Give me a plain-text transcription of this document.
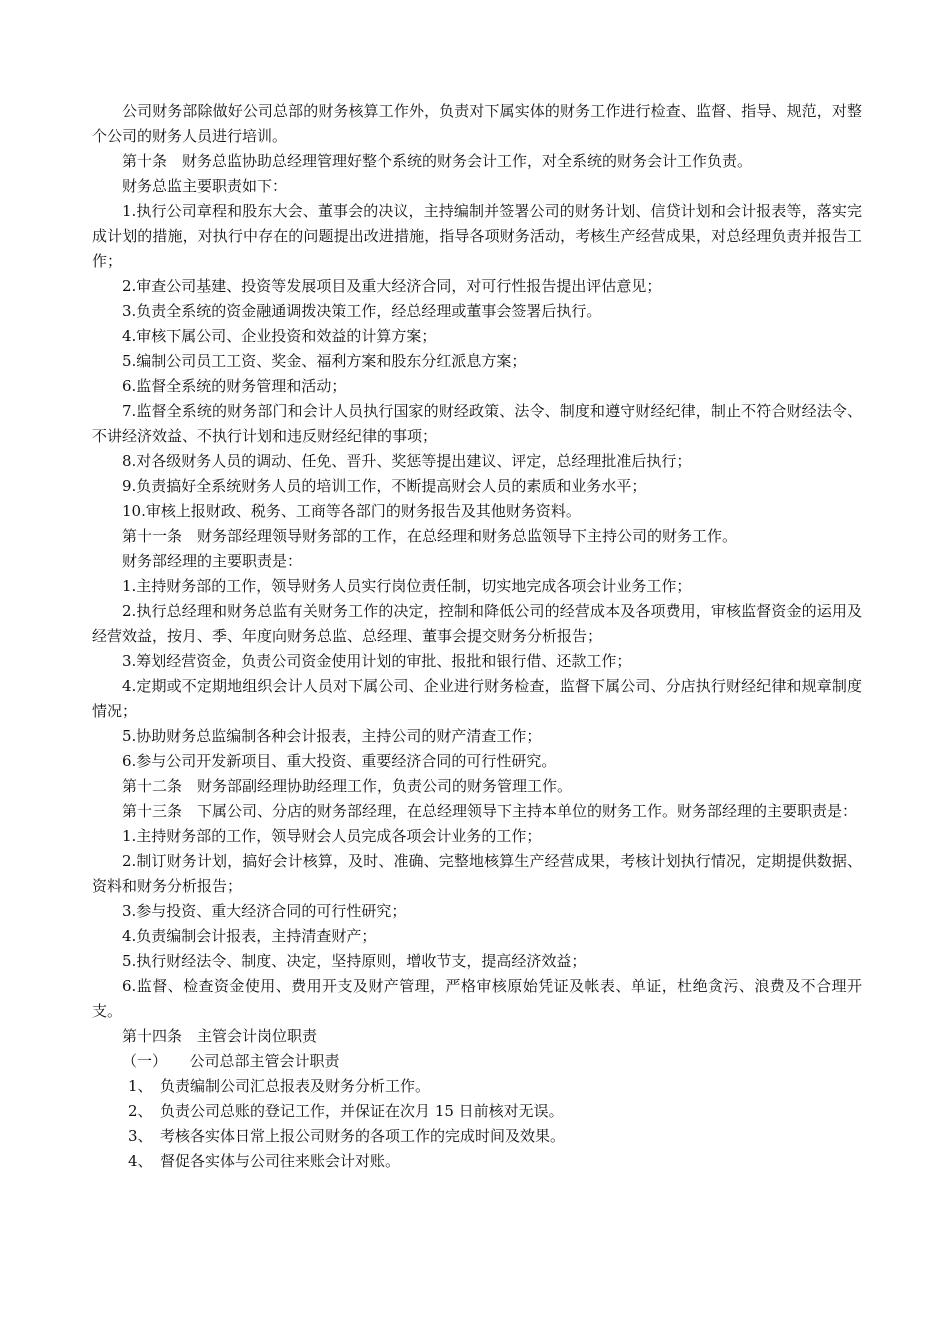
公司财务部除做好公司总部的财务核算工作外，负责对下属实体的财务工作进行检查、监督、指导、规范，对整个公司的财务人员进行培训。

第十条　财务总监协助总经理管理好整个系统的财务会计工作，对全系统的财务会计工作负责。

财务总监主要职责如下：

1.执行公司章程和股东大会、董事会的决议，主持编制并签署公司的财务计划、信贷计划和会计报表等，落实完成计划的措施，对执行中存在的问题提出改进措施，指导各项财务活动，考核生产经营成果，对总经理负责并报告工作；

2.审查公司基建、投资等发展项目及重大经济合同，对可行性报告提出评估意见；

3.负责全系统的资金融通调拨决策工作，经总经理或董事会签署后执行。

4.审核下属公司、企业投资和效益的计算方案；

5.编制公司员工工资、奖金、福利方案和股东分红派息方案；

6.监督全系统的财务管理和活动；

7.监督全系统的财务部门和会计人员执行国家的财经政策、法令、制度和遵守财经纪律，制止不符合财经法令、不讲经济效益、不执行计划和违反财经纪律的事项；

8.对各级财务人员的调动、任免、晋升、奖惩等提出建议、评定，总经理批准后执行；

9.负责搞好全系统财务人员的培训工作，不断提高财会人员的素质和业务水平；

10.审核上报财政、税务、工商等各部门的财务报告及其他财务资料。

第十一条　财务部经理领导财务部的工作，在总经理和财务总监领导下主持公司的财务工作。

财务部经理的主要职责是：

1.主持财务部的工作，领导财务人员实行岗位责任制，切实地完成各项会计业务工作；

2.执行总经理和财务总监有关财务工作的决定，控制和降低公司的经营成本及各项费用，审核监督资金的运用及经营效益，按月、季、年度向财务总监、总经理、董事会提交财务分析报告；

3.筹划经营资金，负责公司资金使用计划的审批、报批和银行借、还款工作；

4.定期或不定期地组织会计人员对下属公司、企业进行财务检查，监督下属公司、分店执行财经纪律和规章制度情况；

5.协助财务总监编制各种会计报表，主持公司的财产清查工作；

6.参与公司开发新项目、重大投资、重要经济合同的可行性研究。

第十二条　财务部副经理协助经理工作，负责公司的财务管理工作。

第十三条　下属公司、分店的财务部经理，在总经理领导下主持本单位的财务工作。财务部经理的主要职责是：

1.主持财务部的工作，领导财会人员完成各项会计业务的工作；

2.制订财务计划，搞好会计核算，及时、准确、完整地核算生产经营成果，考核计划执行情况，定期提供数据、资料和财务分析报告；

3.参与投资、重大经济合同的可行性研究；

4.负责编制会计报表，主持清查财产；

5.执行财经法令、制度、决定，坚持原则，增收节支，提高经济效益；

6.监督、检查资金使用、费用开支及财产管理，严格审核原始凭证及帐表、单证，杜绝贪污、浪费及不合理开支。

第十四条　主管会计岗位职责

（一）　　公司总部主管会计职责

1、　负责编制公司汇总报表及财务分析工作。

2、　负责公司总账的登记工作，并保证在次月 15 日前核对无误。

3、　考核各实体日常上报公司财务的各项工作的完成时间及效果。

4、　督促各实体与公司往来账会计对账。
